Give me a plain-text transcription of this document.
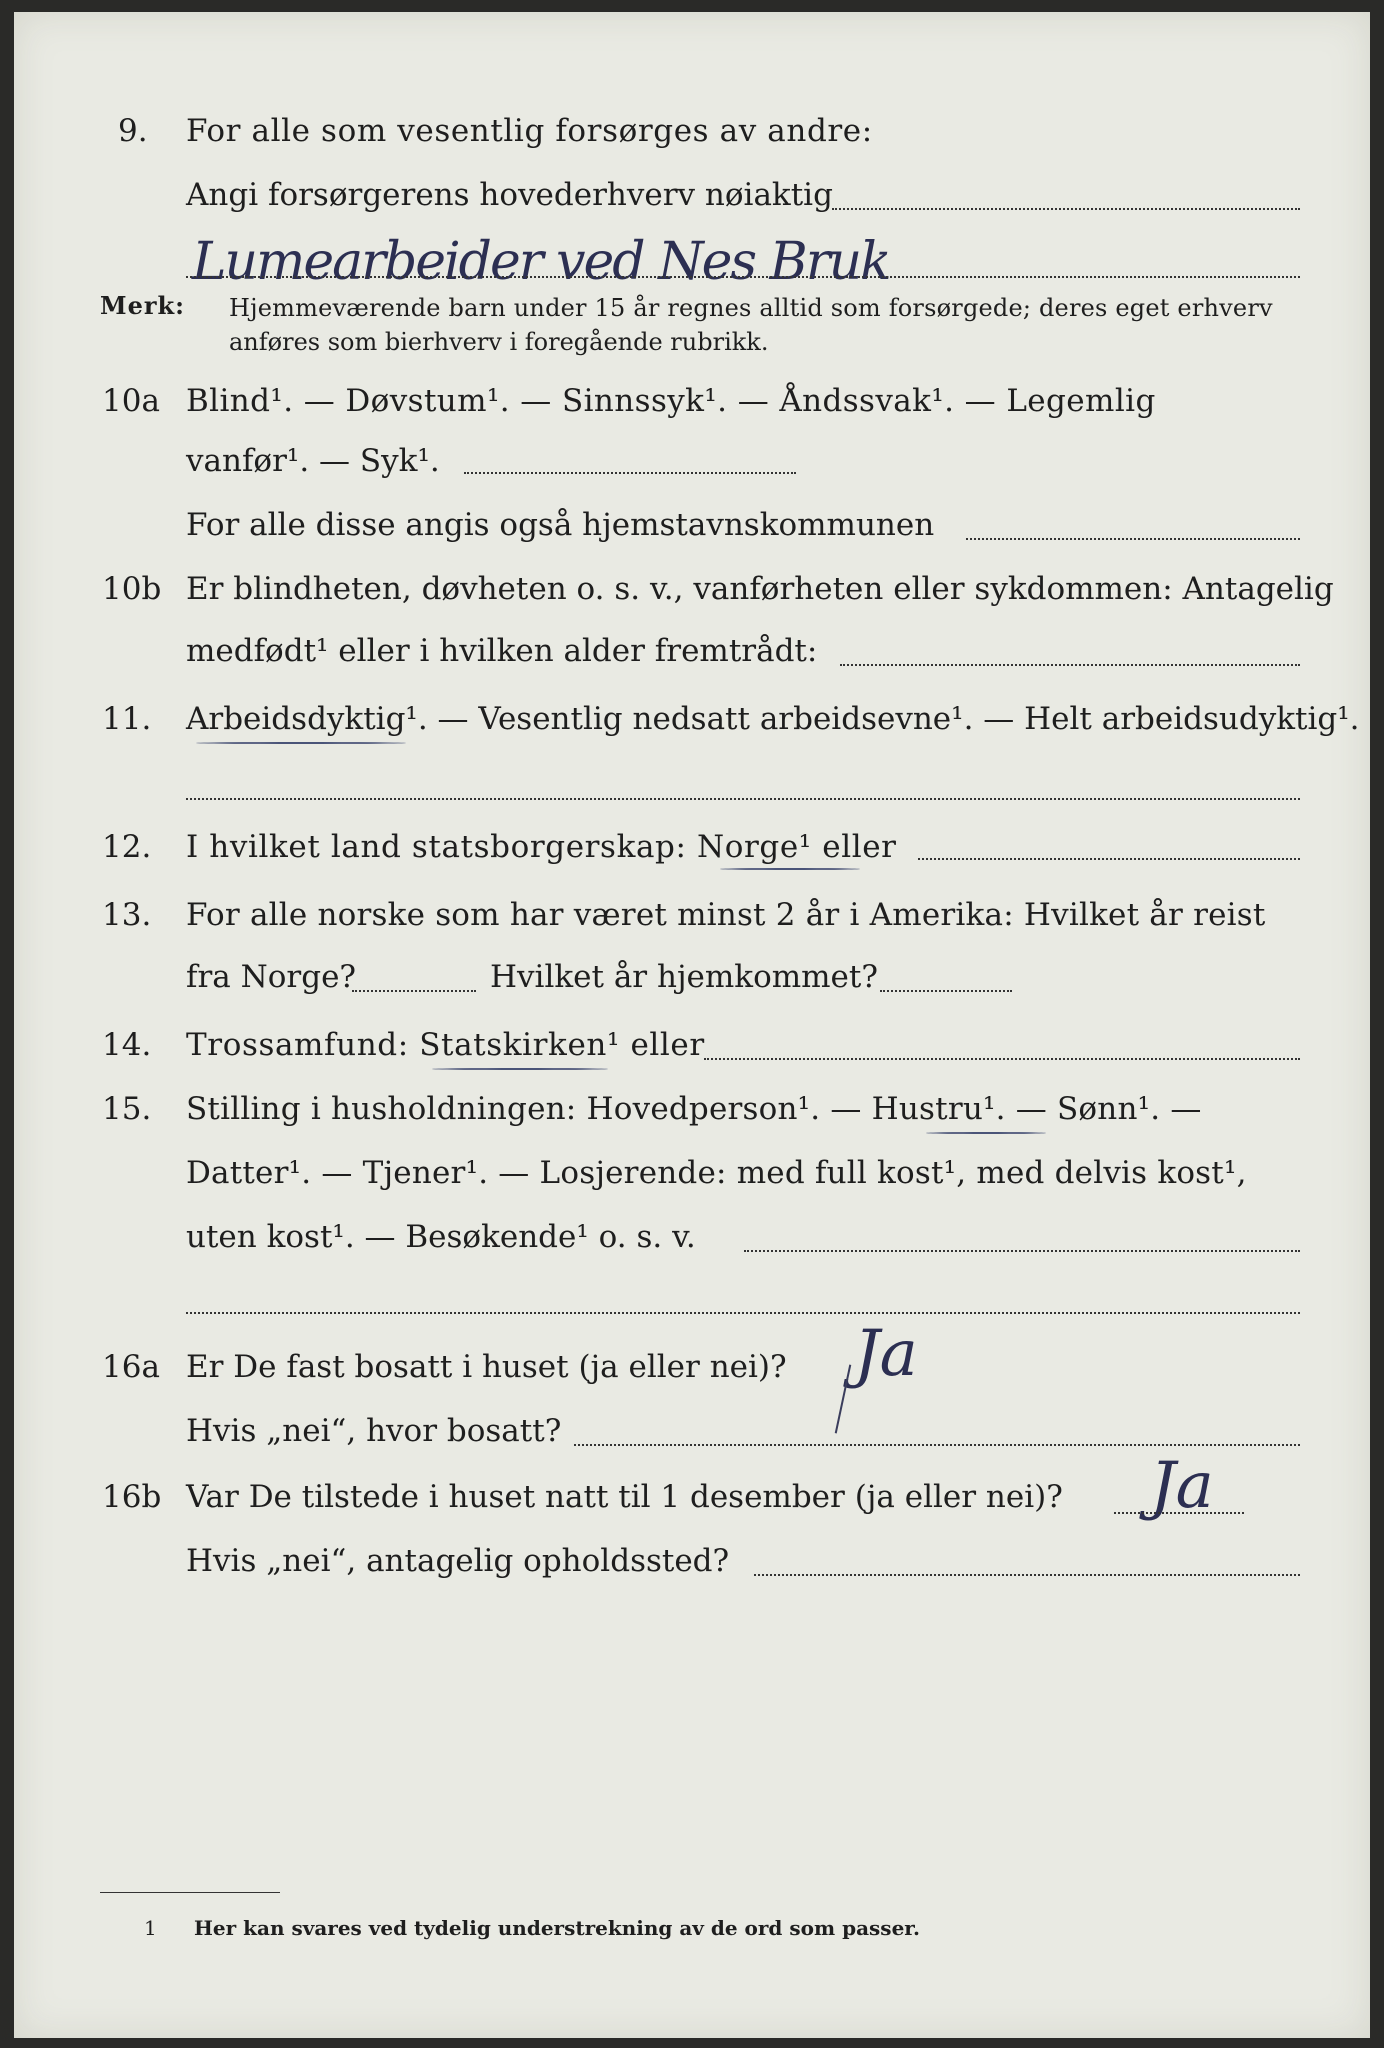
9. For alle som vesentlig forsørges av andre:
Angi forsørgerens hovederhverv nøiaktig
Lumearbeider ved Nes Bruk
Merk: Hjemmeværende barn under 15 år regnes alltid som forsørgede; deres eget erhverv
anføres som bierhverv i foregående rubrikk.
10a Blind¹. — Døvstum¹. — Sinnssyk¹. — Åndssvak¹. — Legemlig
vanfør¹. — Syk¹.
For alle disse angis også hjemstavnskommunen
10b Er blindheten, døvheten o. s. v., vanførheten eller sykdommen: Antagelig
medfødt¹ eller i hvilken alder fremtrådt:
11. Arbeidsdyktig¹. — Vesentlig nedsatt arbeidsevne¹. — Helt arbeidsudyktig¹.
12. I hvilket land statsborgerskap: Norge¹ eller
13. For alle norske som har været minst 2 år i Amerika: Hvilket år reist
fra Norge?	Hvilket år hjemkommet?
14. Trossamfund: Statskirken¹ eller
15. Stilling i husholdningen: Hovedperson¹. — Hustru¹. — Sønn¹. —
Datter¹. — Tjener¹. — Losjerende: med full kost¹, med delvis kost¹,
uten kost¹. — Besøkende¹ o. s. v.
16a Er De fast bosatt i huset (ja eller nei)? Ja
Hvis „nei“, hvor bosatt?
16b Var De tilstede i huset natt til 1 desember (ja eller nei)? Ja
Hvis „nei“, antagelig opholdssted?
1 Her kan svares ved tydelig understrekning av de ord som passer.
